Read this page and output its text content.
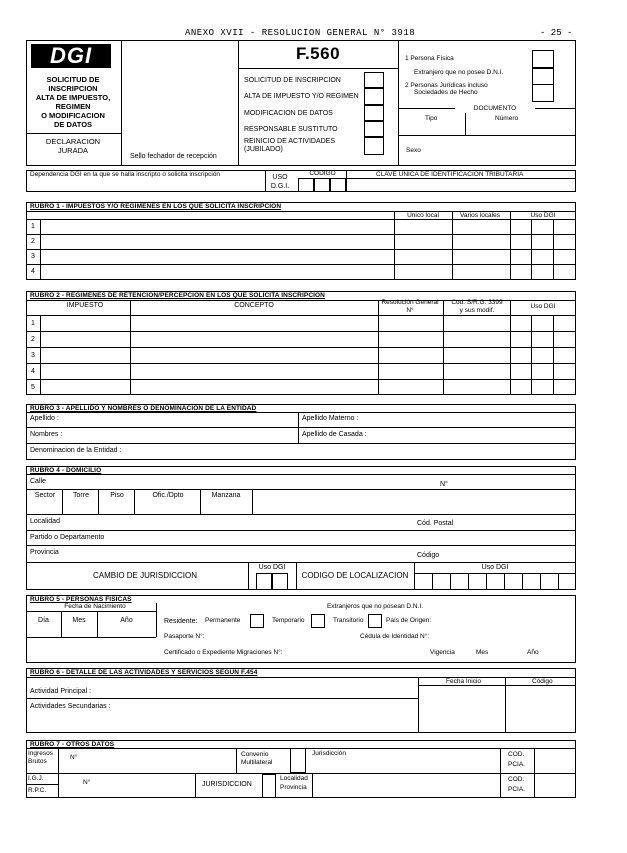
ANEXO XVII - RESOLUCION GENERAL N° 3918	- 25 -
DGI
SOLICITUD DE
INSCRIPCION
ALTA DE IMPUESTO,
REGIMEN
O MODIFICACION
DE DATOS
DECLARACION
JURADA
Sello fechador de recepción
F.560
SOLICITUD DE INSCRIPCION
ALTA DE IMPUESTO Y/O REGIMEN
MODIFICACION DE DATOS
RESPONSABLE SUSTITUTO
REINICIO DE ACTIVIDADES (JUBILADO)
1 Persona Física
Extranjero que no posee D.N.I.
2 Personas Jurídicas incluso
Sociedades de Hecho
DOCUMENTO
Tipo	Número
Sexo
Dependencia DGI en la que se halla inscripto o solicita inscripción	USO
D.G.I.
CODIGO	CLAVE UNICA DE IDENTIFICACION TRIBUTARIA
RUBRO 1 - IMPUESTOS Y/O REGIMENES EN LOS QUE SOLICITA INSCRIPCION
Unico local	Varios locales	Uso DGI
1
2
3
4
RUBRO 2 - REGIMENES DE RETENCION/PERCEPCION EN LOS QUE SOLICITA INSCRIPCION
IMPUESTO	CONCEPTO	Resolución General
N°
Cod. S/R.G. 3399
y sus modif.
Uso DGI
1
2
3
4
5
RUBRO 3 - APELLIDO Y NOMBRES O DENOMINACION DE LA ENTIDAD
Apellido :	Apellido Materno :
Nombres :	Apellido de Casada :
Denominacion de la Entidad :
RUBRO 4 - DOMICILIO
Calle	N°
Sector	Torre	Piso	Ofic./Dpto	Manzana
Localidad	Cód. Postal
Partido o Departamento
Provincia	Código
CAMBIO DE JURISDICCION
Uso DGI
CODIGO DE LOCALIZACION
Uso DGI
RUBRO 5 - PERSONAS FISICAS
Fecha de Nacimiento
Día	Mes	Año
Extranjeros que no posean D.N.I.
Residente: Permanente	Temporario	Transitorio	País de Origen:
Pasaporte N°:	Cédula de Identidad N°:
Certificado o Expediente Migraciones N°:	Vigencia	Mes	Año
RUBRO 6 - DETALLE DE LAS ACTIVIDADES Y SERVICIOS SEGUN F.454
Fecha Inicio	Código
Actividad Principal :
Actividades Secundarias :
RUBRO 7 - OTROS DATOS
Ingresos
Brutos
N°	Convenio
Multilateral
Jurisdicción	COD.
PCIA.
I.G.J.
R.P.C.
N°	JURISDICCION
Localidad
Provincia
COD.
PCIA.
